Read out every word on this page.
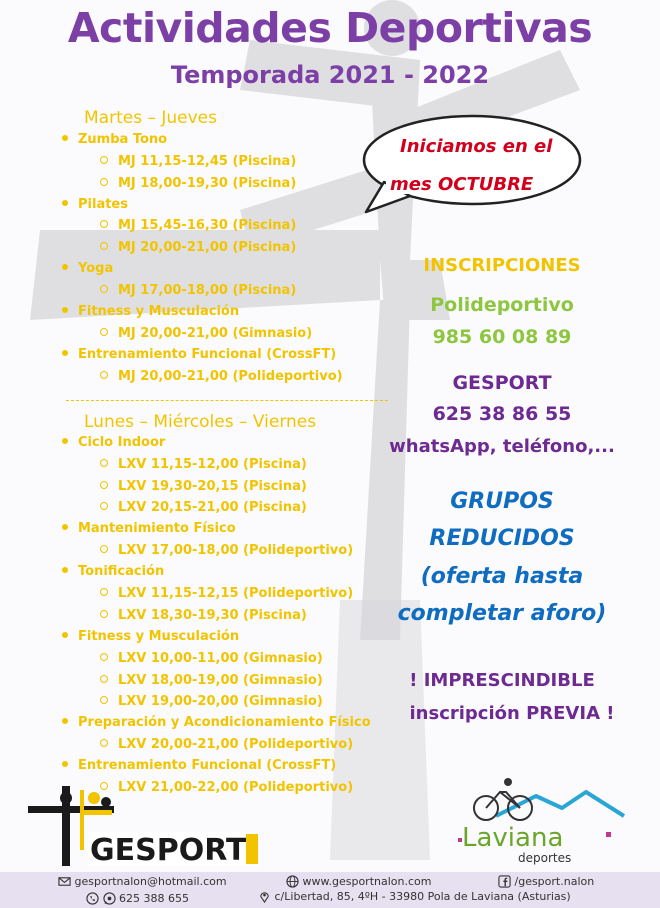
Actividades Deportivas
Temporada 2021 - 2022
Martes – Jueves
Zumba Tono
MJ 11,15-12,45 (Piscina)
MJ 18,00-19,30 (Piscina)
Pilates
MJ 15,45-16,30 (Piscina)
MJ 20,00-21,00 (Piscina)
Yoga
MJ 17,00-18,00 (Piscina)
Fitness y Musculación
MJ 20,00-21,00 (Gimnasio)
Entrenamiento Funcional (CrossFT)
MJ 20,00-21,00 (Polideportivo)
Lunes – Miércoles – Viernes
Ciclo Indoor
LXV 11,15-12,00 (Piscina)
LXV 19,30-20,15 (Piscina)
LXV 20,15-21,00 (Piscina)
Mantenimiento Físico
LXV 17,00-18,00 (Polideportivo)
Tonificación
LXV 11,15-12,15 (Polideportivo)
LXV 18,30-19,30 (Piscina)
Fitness y Musculación
LXV 10,00-11,00 (Gimnasio)
LXV 18,00-19,00 (Gimnasio)
LXV 19,00-20,00 (Gimnasio)
Preparación y Acondicionamiento Físico
LXV 20,00-21,00 (Polideportivo)
Entrenamiento Funcional (CrossFT)
LXV 21,00-22,00 (Polideportivo)
Iniciamos en el
mes OCTUBRE
INSCRIPCIONES
Polideportivo
985 60 08 89
GESPORT
625 38 86 55
whatsApp, teléfono,...
GRUPOS
REDUCIDOS
(oferta hasta
completar aforo)
! IMPRESCINDIBLE
inscripción PREVIA !
GESPORT	Laviana
deportes
gesportnalon@hotmail.com
625 388 655
www.gesportnalon.com
c/Libertad, 85, 4ºH - 33980 Pola de Laviana (Asturias)
/gesport.nalon
